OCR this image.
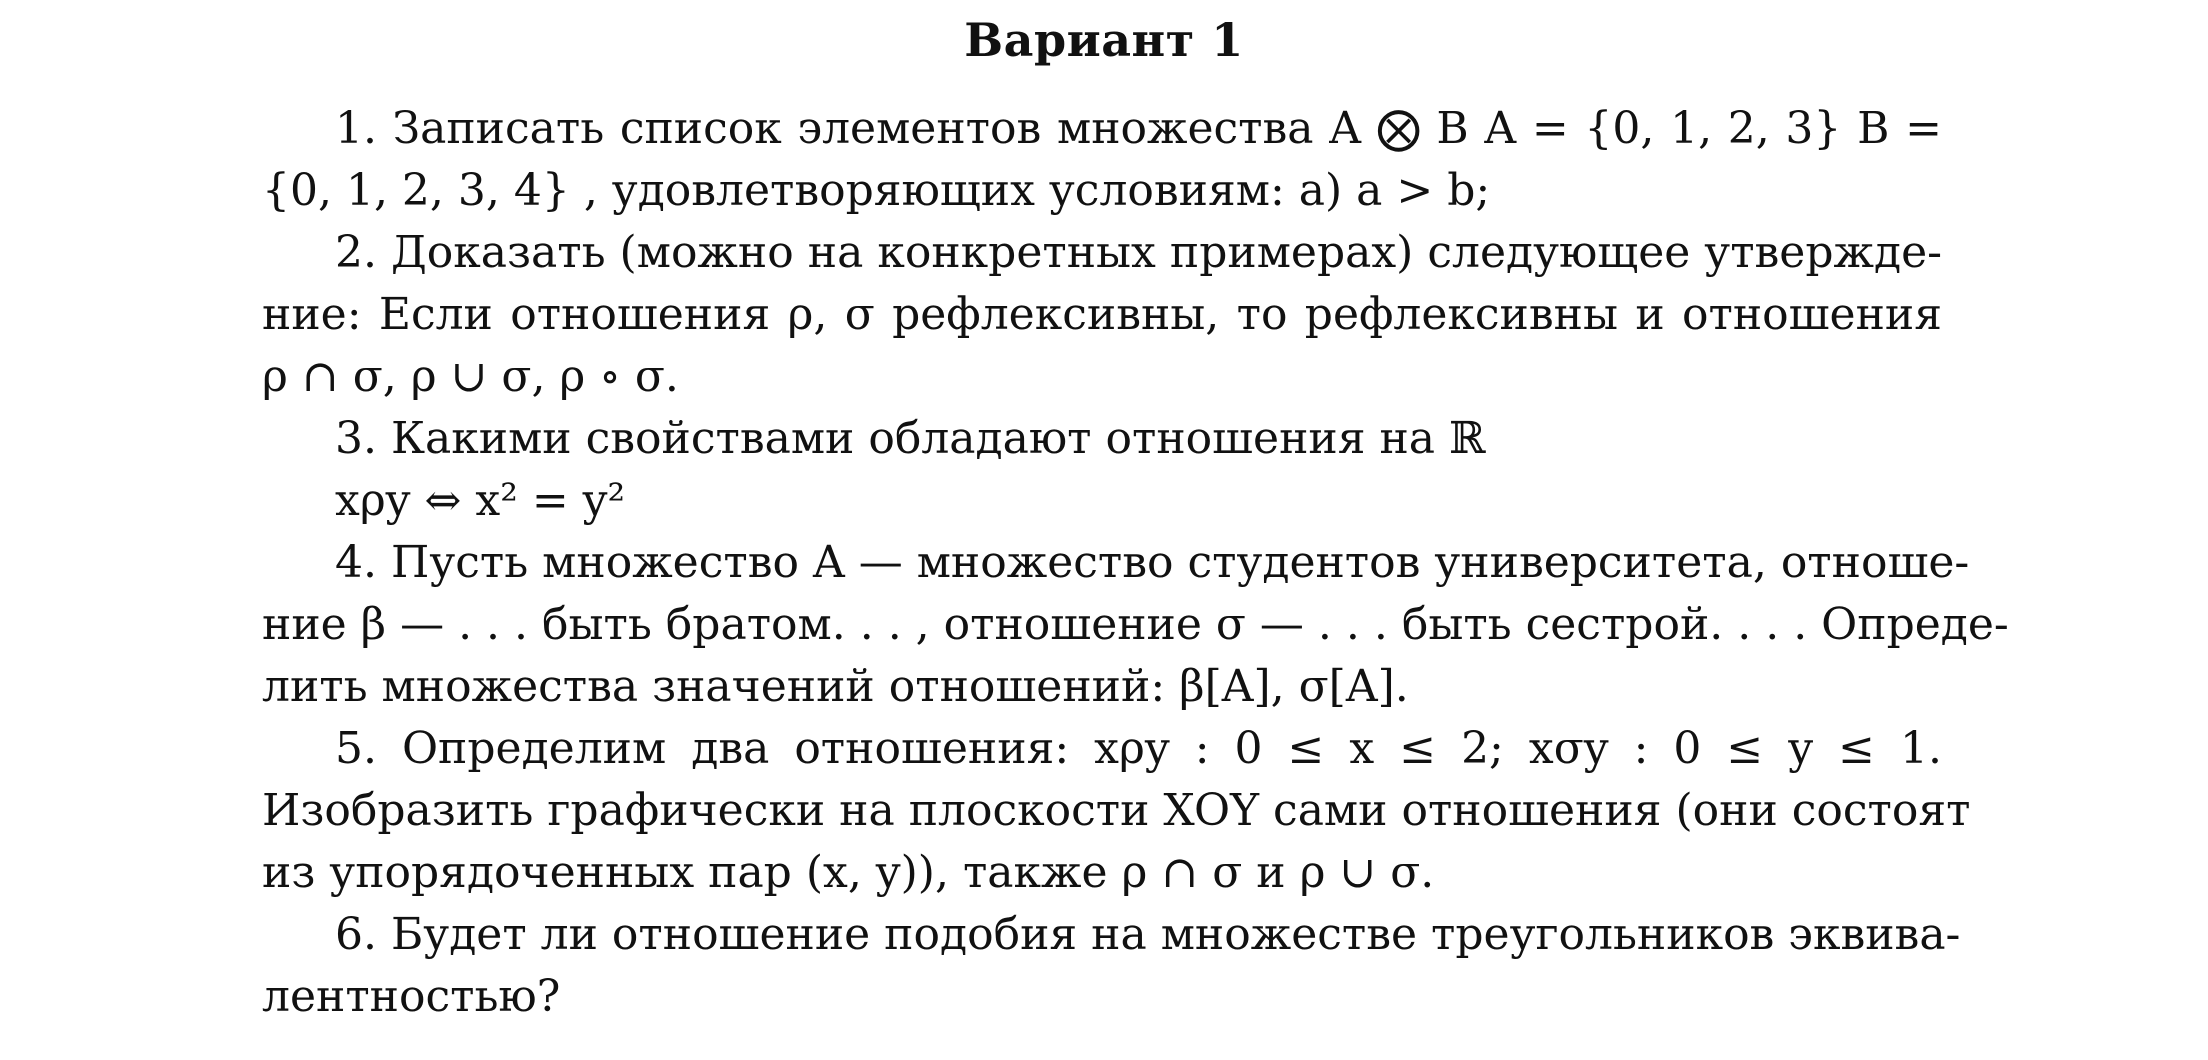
Вариант 1
1. Записать список элементов множества A ⨂ B A = {0, 1, 2, 3} B =
{0, 1, 2, 3, 4} , удовлетворяющих условиям: a) a > b;
2. Доказать (можно на конкретных примерах) следующее утвержде-
ние: Если отношения ρ, σ рефлексивны, то рефлексивны и отношения
ρ ∩ σ, ρ ∪ σ, ρ ∘ σ.
3. Какими свойствами обладают отношения на ℝ
xρy ⇔ x² = y²
4. Пусть множество A — множество студентов университета, отноше-
ние β — . . . быть братом. . . , отношение σ — . . . быть сестрой. . . . Опреде-
лить множества значений отношений: β[A], σ[A].
5. Определим два отношения: xρy : 0 ≤ x ≤ 2; xσy : 0 ≤ y ≤ 1.
Изобразить графически на плоскости XOY сами отношения (они состоят
из упорядоченных пар (x, y)), также ρ ∩ σ и ρ ∪ σ.
6. Будет ли отношение подобия на множестве треугольников эквива-
лентностью?
